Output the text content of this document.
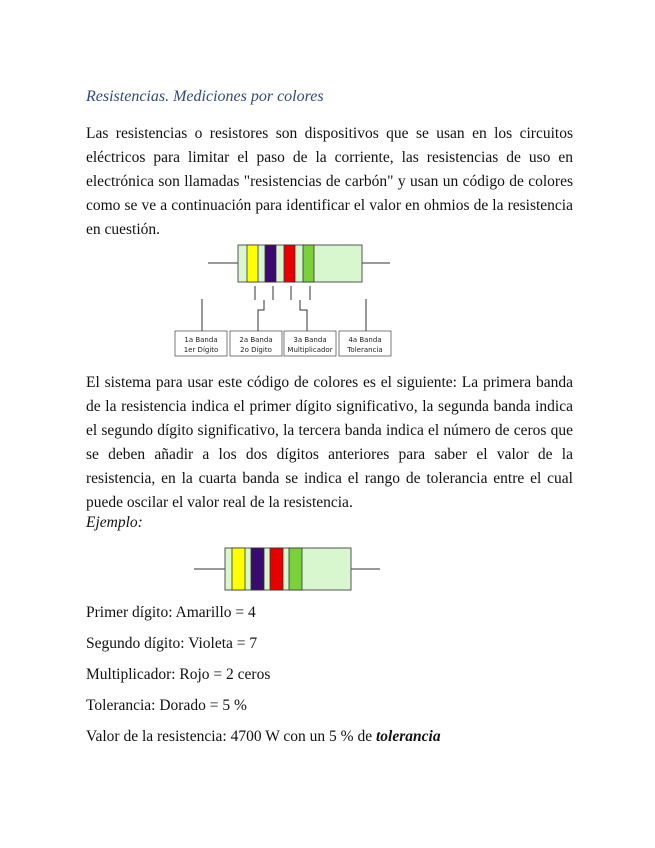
Resistencias. Mediciones por colores

Las resistencias o resistores son dispositivos que se usan en los circuitos eléctricos para limitar el paso de la corriente, las resistencias de uso en electrónica son llamadas "resistencias de carbón" y usan un código de colores como se ve a continuación para identificar el valor en ohmios de la resistencia en cuestión.

1a Banda
1er Dígito
2a Banda
2o Dígito
3a Banda
Multiplicador
4a Banda
Tolerancia

El sistema para usar este código de colores es el siguiente: La primera banda de la resistencia indica el primer dígito significativo, la segunda banda indica el segundo dígito significativo, la tercera banda indica el número de ceros que se deben añadir a los dos dígitos anteriores para saber el valor de la resistencia, en la cuarta banda se indica el rango de tolerancia entre el cual puede oscilar el valor real de la resistencia.

Ejemplo:

Primer dígito: Amarillo = 4

Segundo dígito: Violeta = 7

Multiplicador: Rojo = 2 ceros

Tolerancia: Dorado = 5 %

Valor de la resistencia: 4700 W con un 5 % de tolerancia
